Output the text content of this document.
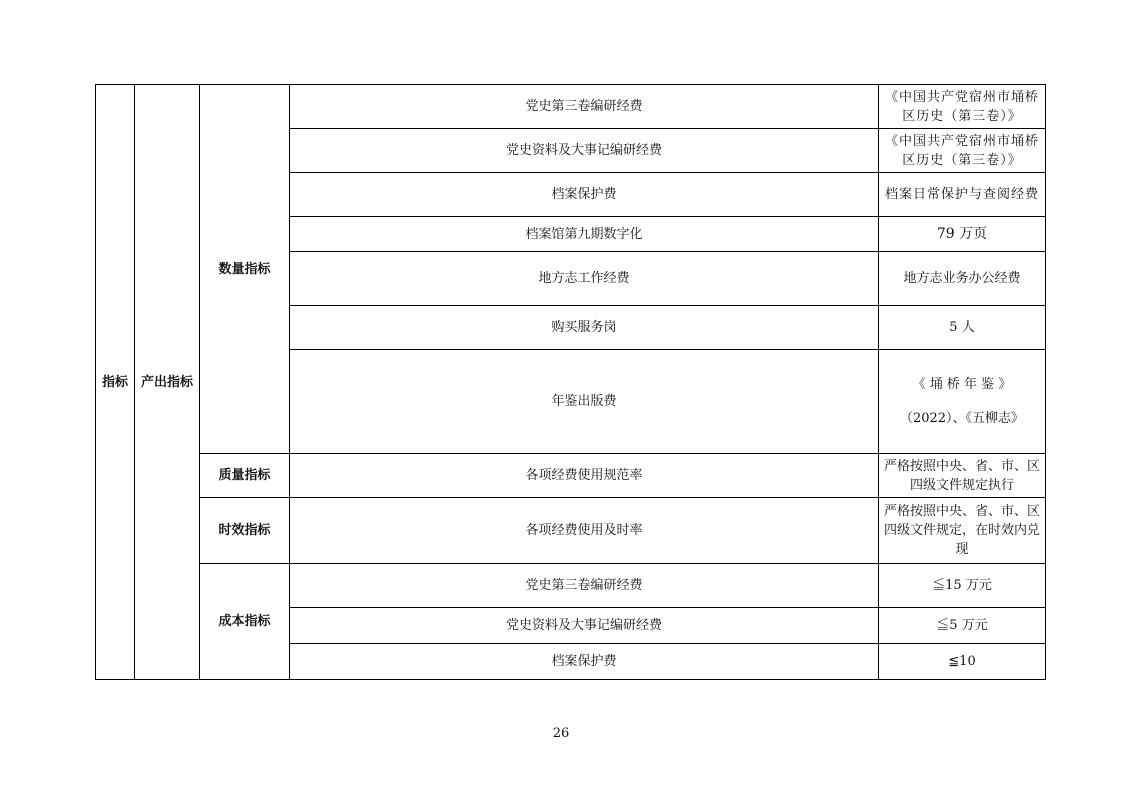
指标	产出指标	数量指标	党史第三卷编研经费	《中国共产党宿州市埇桥区历史（第三卷）》
			党史资料及大事记编研经费	《中国共产党宿州市埇桥区历史（第三卷）》
			档案保护费	档案日常保护与查阅经费
			档案馆第九期数字化	79 万页
			地方志工作经费	地方志业务办公经费
			购买服务岗	5 人
			年鉴出版费	《 埇 桥 年 鉴 》
（2022）、《五柳志》

		质量指标	各项经费使用规范率	严格按照中央、省、市、区四级文件规定执行
		时效指标	各项经费使用及时率	严格按照中央、省、市、区四级文件规定，在时效内兑现
		成本指标	党史第三卷编研经费	≦15 万元
			党史资料及大事记编研经费	≦5 万元
			档案保护费	≦10
26
